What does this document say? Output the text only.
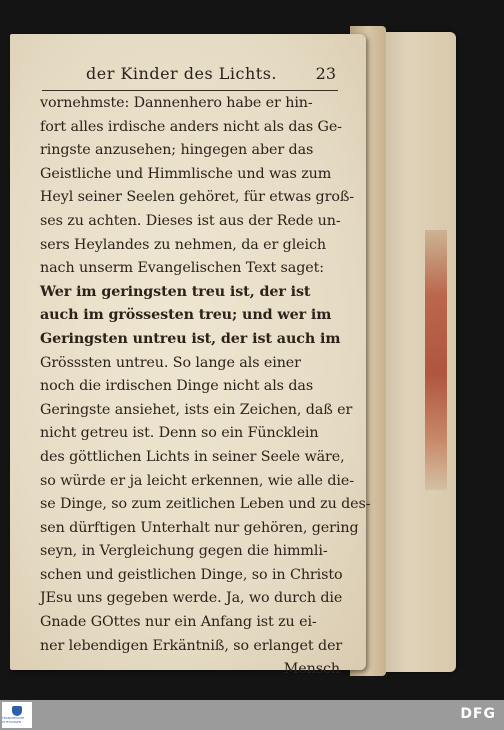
der Kinder des Lichts. 23
vornehmste: Dannenhero habe er hin-
fort alles irdische anders nicht als das Ge-
ringste anzusehen; hingegen aber das
Geistliche und Himmlische und was zum
Heyl seiner Seelen gehöret, für etwas groß-
ses zu achten. Dieses ist aus der Rede un-
sers Heylandes zu nehmen, da er gleich
nach unserm Evangelischen Text saget:
Wer im geringsten treu ist, der ist
auch im grössesten treu; und wer im
Geringsten untreu ist, der ist auch im
Grösssten untreu. So lange als einer
noch die irdischen Dinge nicht als das
Geringste ansiehet, ists ein Zeichen, daß er
nicht getreu ist. Denn so ein Füncklein
des göttlichen Lichts in seiner Seele wäre,
so würde er ja leicht erkennen, wie alle die-
se Dinge, so zum zeitlichen Leben und zu des-
sen dürftigen Unterhalt nur gehören, gering
seyn, in Vergleichung gegen die himmli-
schen und geistlichen Dinge, so in Christo
JEsu uns gegeben werde. Ja, wo durch die
Gnade GOttes nur ein Anfang ist zu ei-
ner lebendigen Erkäntniß, so erlanget der
Mensch
FRANCKESCHE STIFTUNGEN	DFG
